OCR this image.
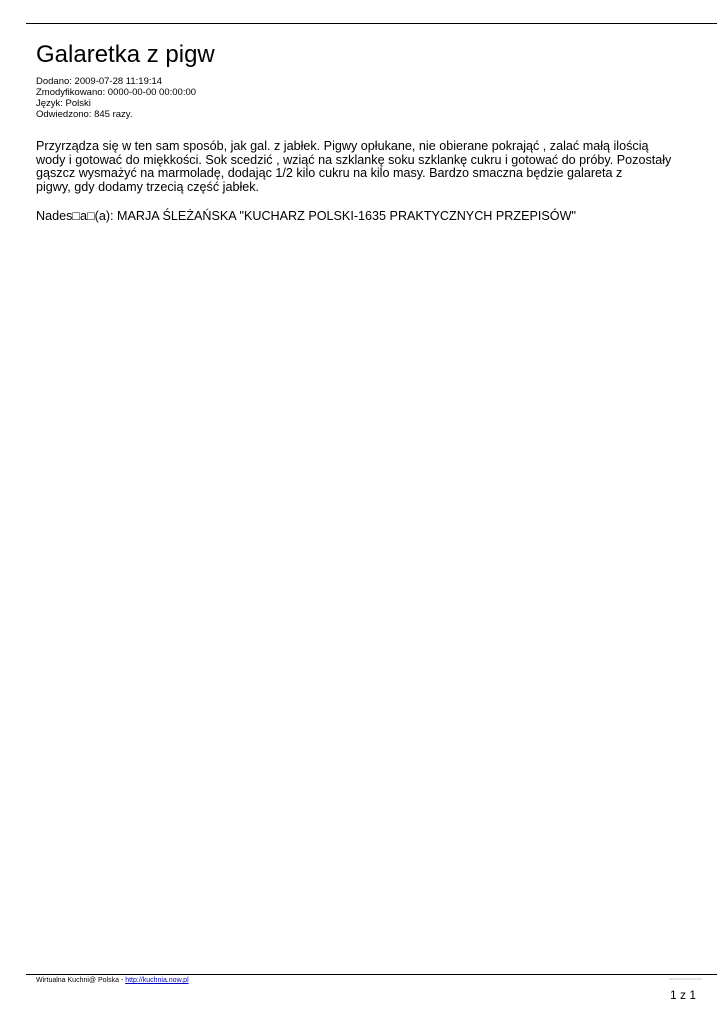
Galaretka z pigw
Dodano: 2009-07-28 11:19:14
Zmodyfikowano: 0000-00-00 00:00:00
Język: Polski
Odwiedzono: 845 razy.
Przyrządza się w ten sam sposób, jak gal. z jabłek. Pigwy opłukane, nie obierane pokrająć , zalać małą ilością
wody i gotować do miękkości. Sok scedzić , wziąć na szklankę soku szklankę cukru i gotować do próby. Pozostały
gąszcz wysmażyć na marmoladę, dodając 1/2 kilo cukru na kilo masy. Bardzo smaczna będzie galareta z
pigwy, gdy dodamy trzecią część jabłek.
Nades□a□(a): MARJA ŚLEŻAŃSKA "KUCHARZ POLSKI-1635 PRAKTYCZNYCH PRZEPISÓW"
Wirtualna Kuchni@ Polska - http://kuchnia.now.pl
1 z 1
